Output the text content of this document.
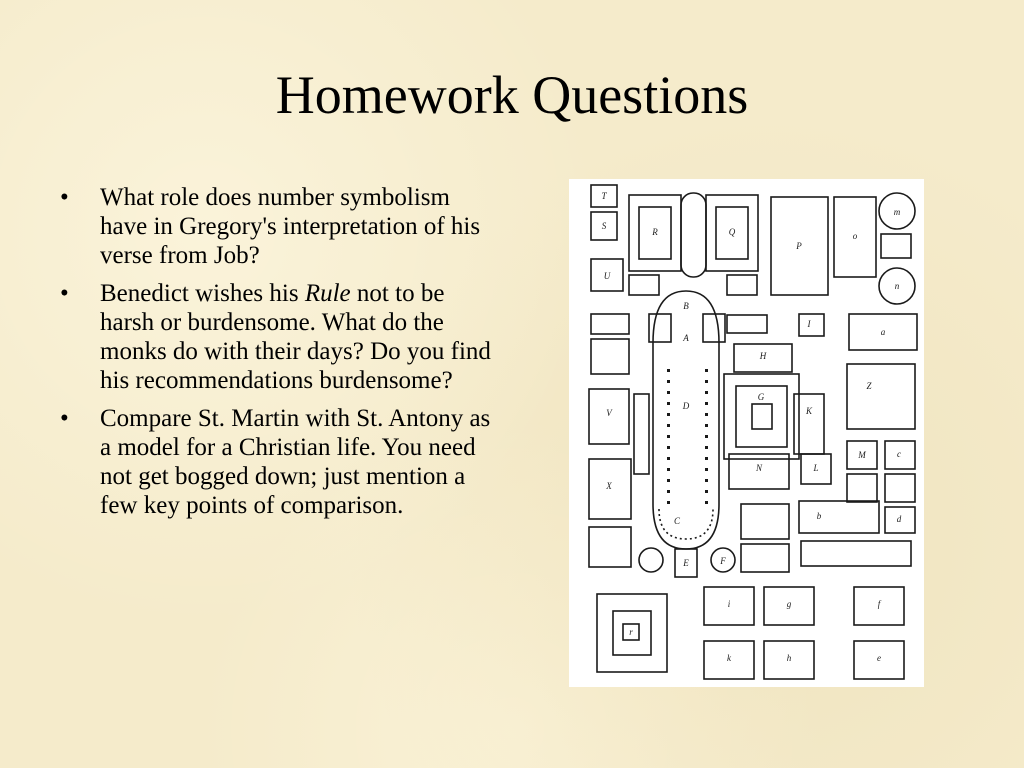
Homework Questions
• What role does number symbolism have in Gregory's interpretation of his verse from Job?
• Benedict wishes his Rule not to be harsh or burdensome. What do the monks do with their days? Do you find his recommendations burdensome?
• Compare St. Martin with St. Antony as a model for a Christian life. You need not get bogged down; just mention a few key points of comparison.
T
S
U
R	Q
P
o
m
n
B
A
D
G
H
I
K
N	L
a
Z
M
V
X
E
C
F
r
i	g	f
k	h	e
b
c
d
